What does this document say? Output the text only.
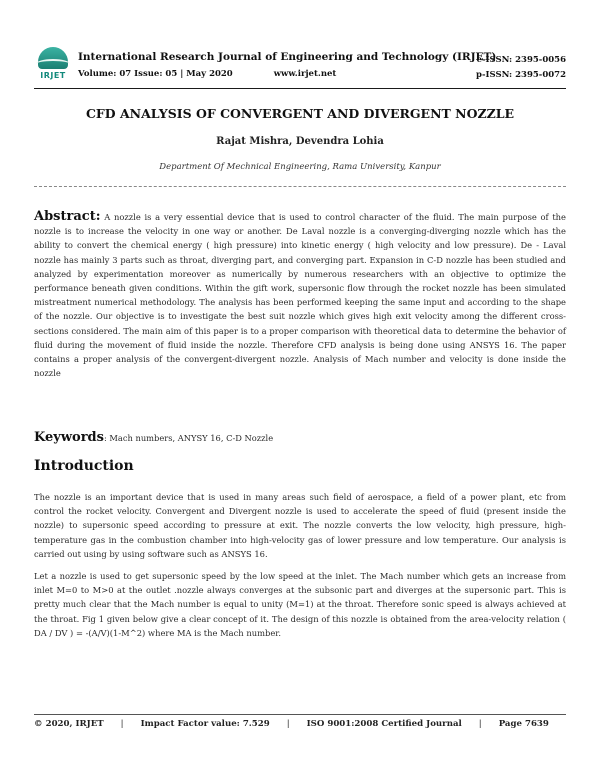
IRJET
International Research Journal of Engineering and Technology (IRJET)
Volume: 07 Issue: 05 | May 2020	www.irjet.net
e-ISSN: 2395-0056
p-ISSN: 2395-0072
CFD ANALYSIS OF CONVERGENT AND DIVERGENT NOZZLE
Rajat Mishra, Devendra Lohia
Department Of Mechnical Engineering, Rama University, Kanpur
Abstract: A nozzle is a very essential device that is used to control character of the fluid. The main purpose of the nozzle is to increase the velocity in one way or another. De Laval nozzle is a converging-diverging nozzle which has the ability to convert the chemical energy ( high pressure) into kinetic energy ( high velocity and low pressure). De - Laval nozzle has mainly 3 parts such as throat, diverging part, and converging part. Expansion in C-D nozzle has been studied and analyzed by experimentation moreover as numerically by numerous researchers with an objective to optimize the performance beneath given conditions. Within the gift work, supersonic flow through the rocket nozzle has been simulated mistreatment numerical methodology. The analysis has been performed keeping the same input and according to the shape of the nozzle. Our objective is to investigate the best suit nozzle which gives high exit velocity among the different cross- sections considered. The main aim of this paper is to a proper comparison with theoretical data to determine the behavior of fluid during the movement of fluid inside the nozzle. Therefore CFD analysis is being done using ANSYS 16. The paper contains a proper analysis of the convergent-divergent nozzle. Analysis of Mach number and velocity is done inside the nozzle
Keywords: Mach numbers, ANYSY 16, C-D Nozzle
Introduction
The nozzle is an important device that is used in many areas such field of aerospace, a field of a power plant, etc from control the rocket velocity. Convergent and Divergent nozzle is used to accelerate the speed of fluid (present inside the nozzle) to supersonic speed according to pressure at exit. The nozzle converts the low velocity, high pressure, high-temperature gas in the combustion chamber into high-velocity gas of lower pressure and low temperature. Our analysis is carried out using by using software such as ANSYS 16.
Let a nozzle is used to get supersonic speed by the low speed at the inlet. The Mach number which gets an increase from inlet M=0 to M>0 at the outlet .nozzle always converges at the subsonic part and diverges at the supersonic part. This is pretty much clear that the Mach number is equal to unity (M=1) at the throat. Therefore sonic speed is always achieved at the throat. Fig 1 given below give a clear concept of it. The design of this nozzle is obtained from the area-velocity relation ( DA / DV ) = -(A/V)(1-M^2) where MA is the Mach number.
© 2020, IRJET | Impact Factor value: 7.529 | ISO 9001:2008 Certified Journal | Page 7639
